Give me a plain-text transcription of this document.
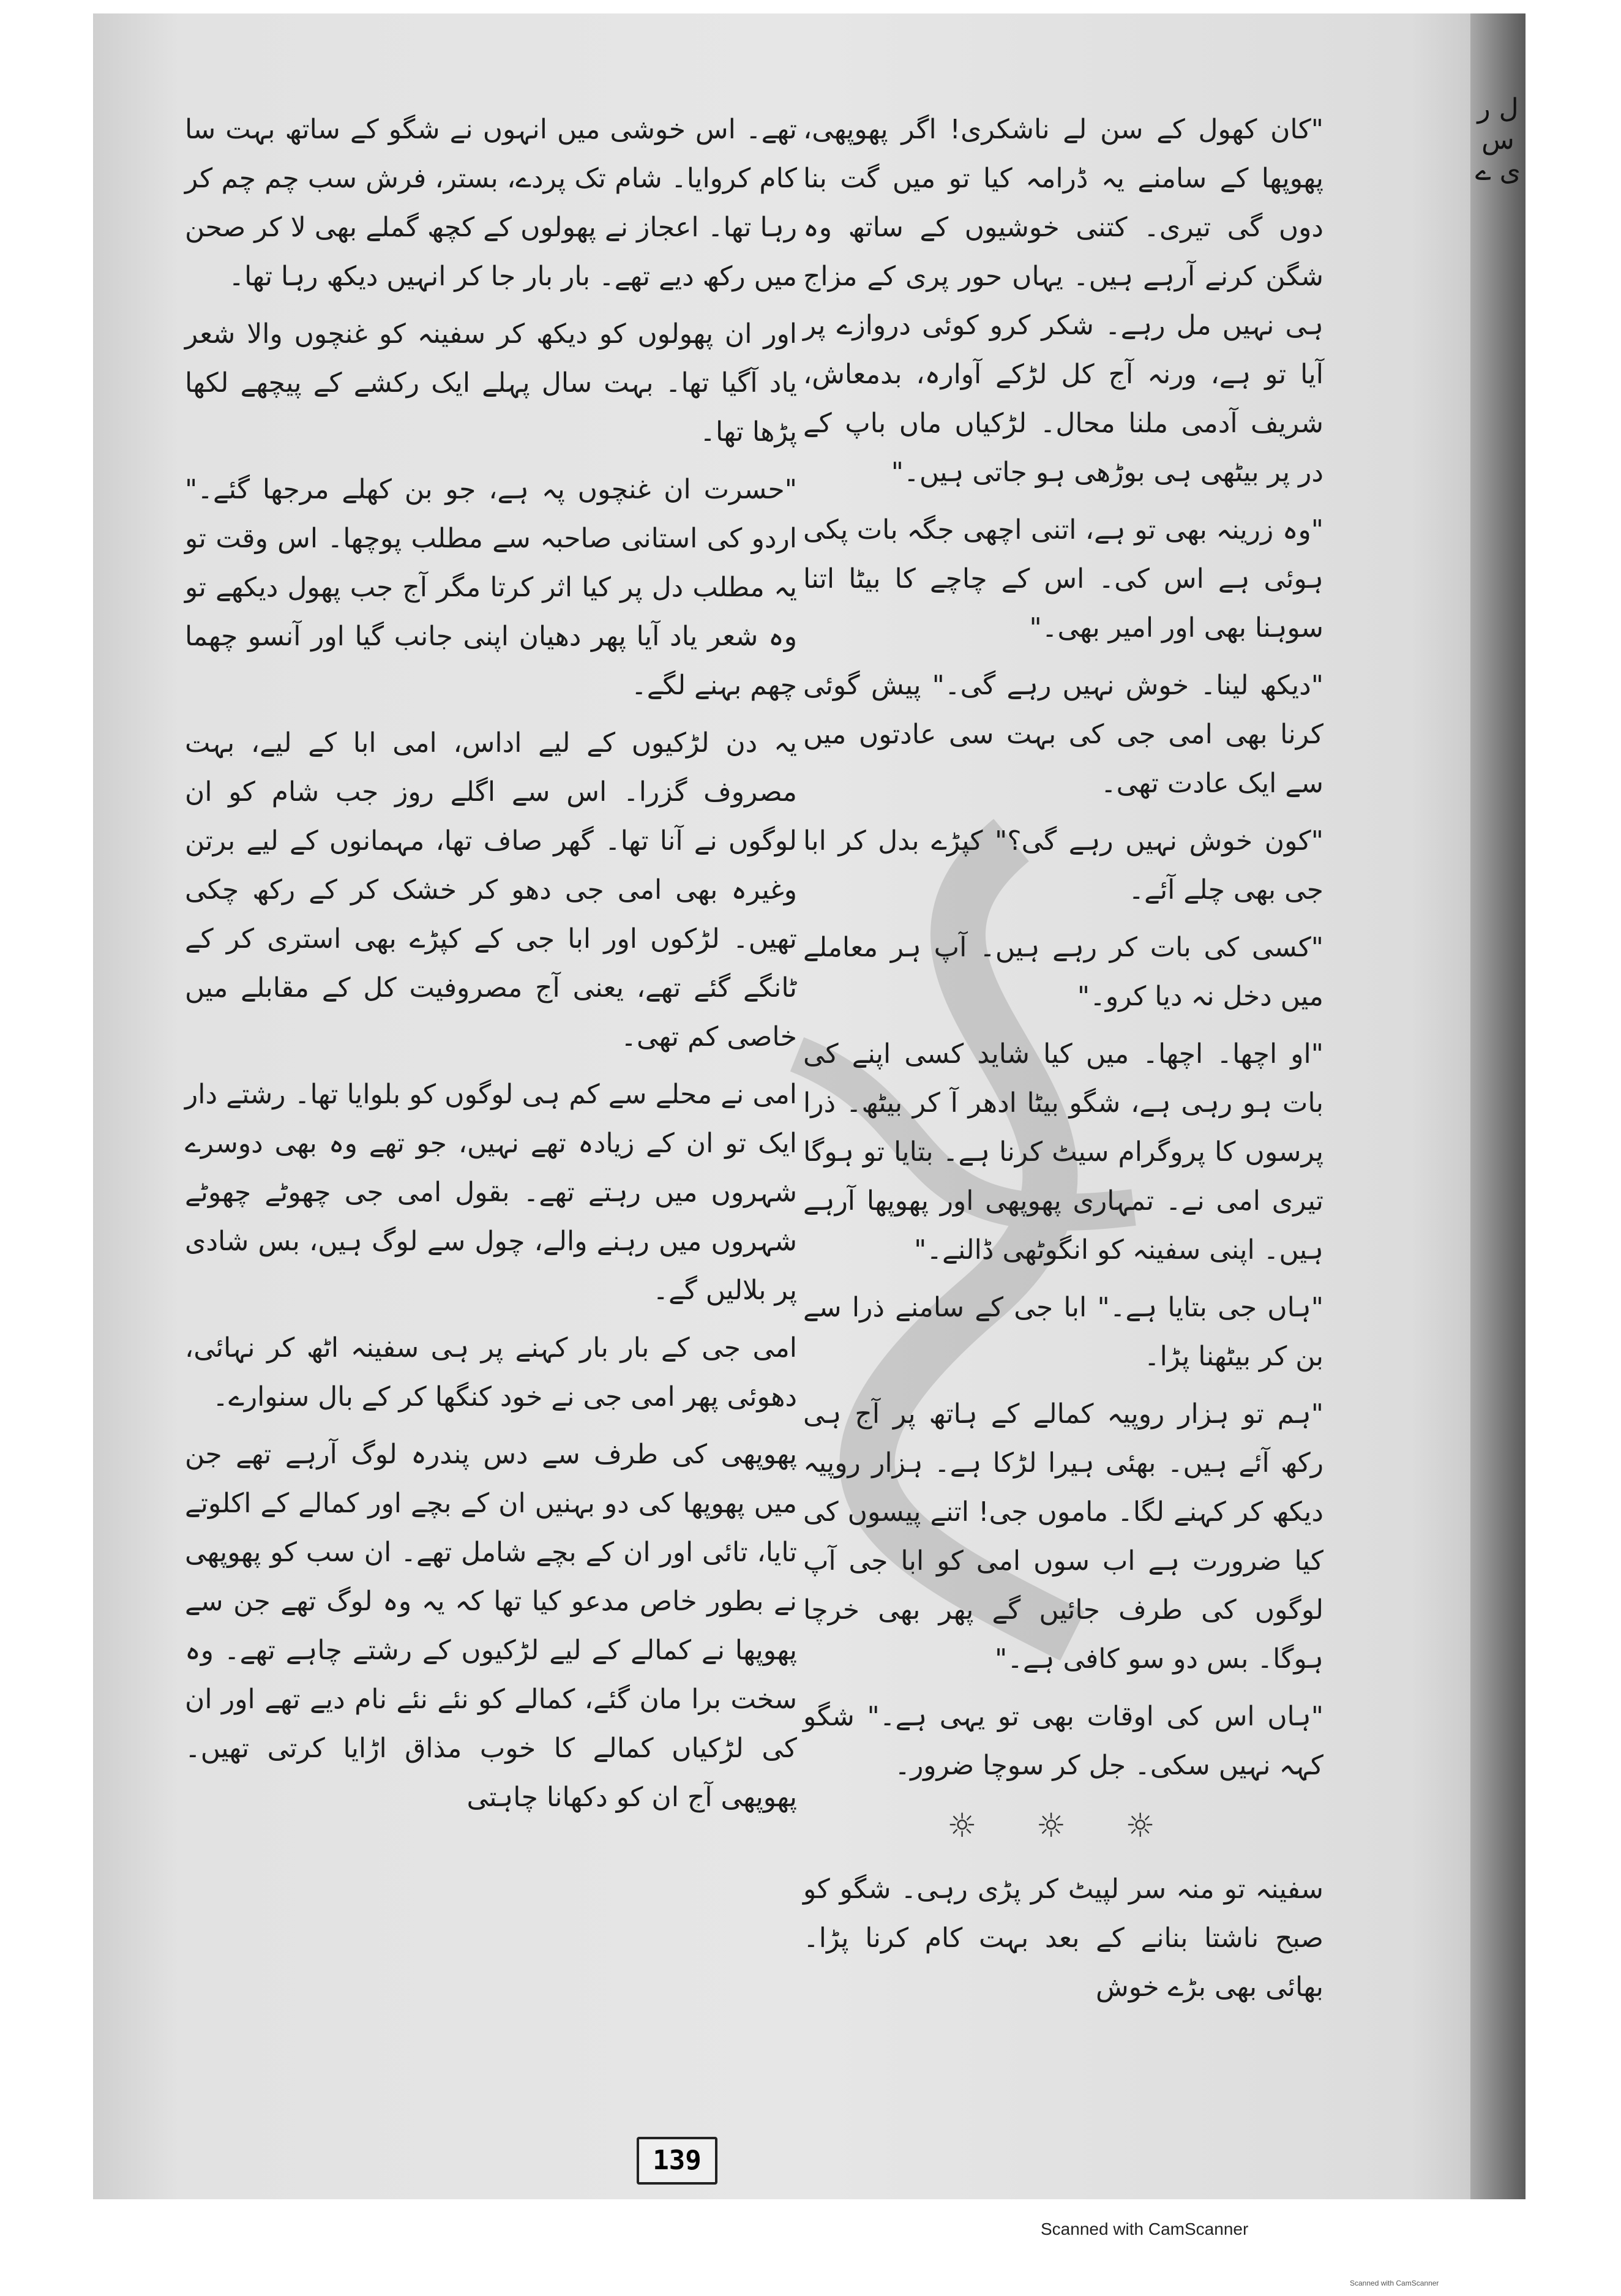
ل ر س ی ے

"کان کھول کے سن لے ناشکری! اگر پھوپھی، پھوپھا کے سامنے یہ ڈرامہ کیا تو میں گت بنا دوں گی تیری۔ کتنی خوشیوں کے ساتھ وہ شگن کرنے آرہے ہیں۔ یہاں حور پری کے مزاج ہی نہیں مل رہے۔ شکر کرو کوئی دروازے پر آیا تو ہے، ورنہ آج کل لڑکے آوارہ، بدمعاش، شریف آدمی ملنا محال۔ لڑکیاں ماں باپ کے در پر بیٹھی ہی بوڑھی ہو جاتی ہیں۔"

"وہ زرینہ بھی تو ہے، اتنی اچھی جگہ بات پکی ہوئی ہے اس کی۔ اس کے چاچے کا بیٹا اتنا سوہنا بھی اور امیر بھی۔"

"دیکھ لینا۔ خوش نہیں رہے گی۔" پیش گوئی کرنا بھی امی جی کی بہت سی عادتوں میں سے ایک عادت تھی۔

"کون خوش نہیں رہے گی؟" کپڑے بدل کر ابا جی بھی چلے آئے۔

"کسی کی بات کر رہے ہیں۔ آپ ہر معاملے میں دخل نہ دیا کرو۔"

"او اچھا۔ اچھا۔ میں کیا شاید کسی اپنے کی بات ہو رہی ہے، شگو بیٹا ادھر آ کر بیٹھ۔ ذرا پرسوں کا پروگرام سیٹ کرنا ہے۔ بتایا تو ہوگا تیری امی نے۔ تمہاری پھوپھی اور پھوپھا آرہے ہیں۔ اپنی سفینہ کو انگوٹھی ڈالنے۔"

"ہاں جی بتایا ہے۔" ابا جی کے سامنے ذرا سے بن کر بیٹھنا پڑا۔

"ہم تو ہزار روپیہ کمالے کے ہاتھ پر آج ہی رکھ آئے ہیں۔ بھئی ہیرا لڑکا ہے۔ ہزار روپیہ دیکھ کر کہنے لگا۔ ماموں جی! اتنے پیسوں کی کیا ضرورت ہے اب سوں امی کو ابا جی آپ لوگوں کی طرف جائیں گے پھر بھی خرچا ہوگا۔ بس دو سو کافی ہے۔"

"ہاں اس کی اوقات بھی تو یہی ہے۔" شگو کہہ نہیں سکی۔ جل کر سوچا ضرور۔

☼ ☼ ☼

سفینہ تو منہ سر لپیٹ کر پڑی رہی۔ شگو کو صبح ناشتا بنانے کے بعد بہت کام کرنا پڑا۔ بھائی بھی بڑے خوش

تھے۔ اس خوشی میں انہوں نے شگو کے ساتھ بہت سا کام کروایا۔ شام تک پردے، بستر، فرش سب چم چم کر رہا تھا۔ اعجاز نے پھولوں کے کچھ گملے بھی لا کر صحن میں رکھ دیے تھے۔ بار بار جا کر انہیں دیکھ رہا تھا۔

اور ان پھولوں کو دیکھ کر سفینہ کو غنچوں والا شعر یاد آگیا تھا۔ بہت سال پہلے ایک رکشے کے پیچھے لکھا پڑھا تھا۔

"حسرت ان غنچوں پہ ہے، جو بن کھلے مرجھا گئے۔" اردو کی استانی صاحبہ سے مطلب پوچھا۔ اس وقت تو یہ مطلب دل پر کیا اثر کرتا مگر آج جب پھول دیکھے تو وہ شعر یاد آیا پھر دھیان اپنی جانب گیا اور آنسو چھما چھم بہنے لگے۔

یہ دن لڑکیوں کے لیے اداس، امی ابا کے لیے، بہت مصروف گزرا۔ اس سے اگلے روز جب شام کو ان لوگوں نے آنا تھا۔ گھر صاف تھا، مہمانوں کے لیے برتن وغیرہ بھی امی جی دھو کر خشک کر کے رکھ چکی تھیں۔ لڑکوں اور ابا جی کے کپڑے بھی استری کر کے ٹانگے گئے تھے، یعنی آج مصروفیت کل کے مقابلے میں خاصی کم تھی۔

امی نے محلے سے کم ہی لوگوں کو بلوایا تھا۔ رشتے دار ایک تو ان کے زیادہ تھے نہیں، جو تھے وہ بھی دوسرے شہروں میں رہتے تھے۔ بقول امی جی چھوٹے چھوٹے شہروں میں رہنے والے، چول سے لوگ ہیں، بس شادی پر بلالیں گے۔

امی جی کے بار بار کہنے پر ہی سفینہ اٹھ کر نہائی، دھوئی پھر امی جی نے خود کنگھا کر کے بال سنوارے۔

پھوپھی کی طرف سے دس پندرہ لوگ آرہے تھے جن میں پھوپھا کی دو بہنیں ان کے بچے اور کمالے کے اکلوتے تایا، تائی اور ان کے بچے شامل تھے۔ ان سب کو پھوپھی نے بطور خاص مدعو کیا تھا کہ یہ وہ لوگ تھے جن سے پھوپھا نے کمالے کے لیے لڑکیوں کے رشتے چاہے تھے۔ وہ سخت برا مان گئے، کمالے کو نئے نئے نام دیے تھے اور ان کی لڑکیاں کمالے کا خوب مذاق اڑایا کرتی تھیں۔ پھوپھی آج ان کو دکھانا چاہتی

139
Scanned with CamScanner
Scanned with CamScanner
